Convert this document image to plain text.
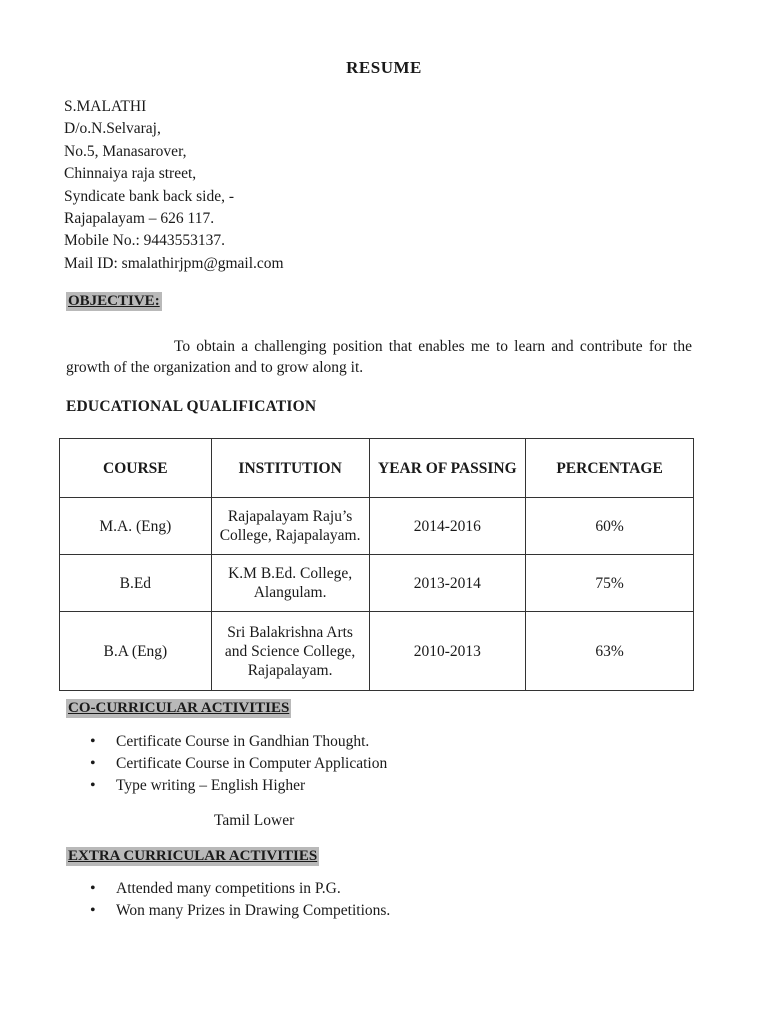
RESUME
S.MALATHI
D/o.N.Selvaraj,
No.5, Manasarover,
Chinnaiya raja street,
Syndicate bank back side, -
Rajapalayam – 626 117.
Mobile No.: 9443553137.
Mail ID: smalathirjpm@gmail.com
OBJECTIVE:
To obtain a challenging position that enables me to learn and contribute for the growth of the organization and to grow along it.
EDUCATIONAL QUALIFICATION
COURSE	INSTITUTION	YEAR OF PASSING	PERCENTAGE
M.A. (Eng)	Rajapalayam Raju’s College, Rajapalayam.	2014-2016	60%
B.Ed	K.M B.Ed. College, Alangulam.	2013-2014	75%
B.A (Eng)	Sri Balakrishna Arts and Science College, Rajapalayam.	2010-2013	63%
CO-CURRICULAR ACTIVITIES
• Certificate Course in Gandhian Thought.
• Certificate Course in Computer Application
• Type writing – English Higher
Tamil Lower
EXTRA CURRICULAR ACTIVITIES
• Attended many competitions in P.G.
• Won many Prizes in Drawing Competitions.
